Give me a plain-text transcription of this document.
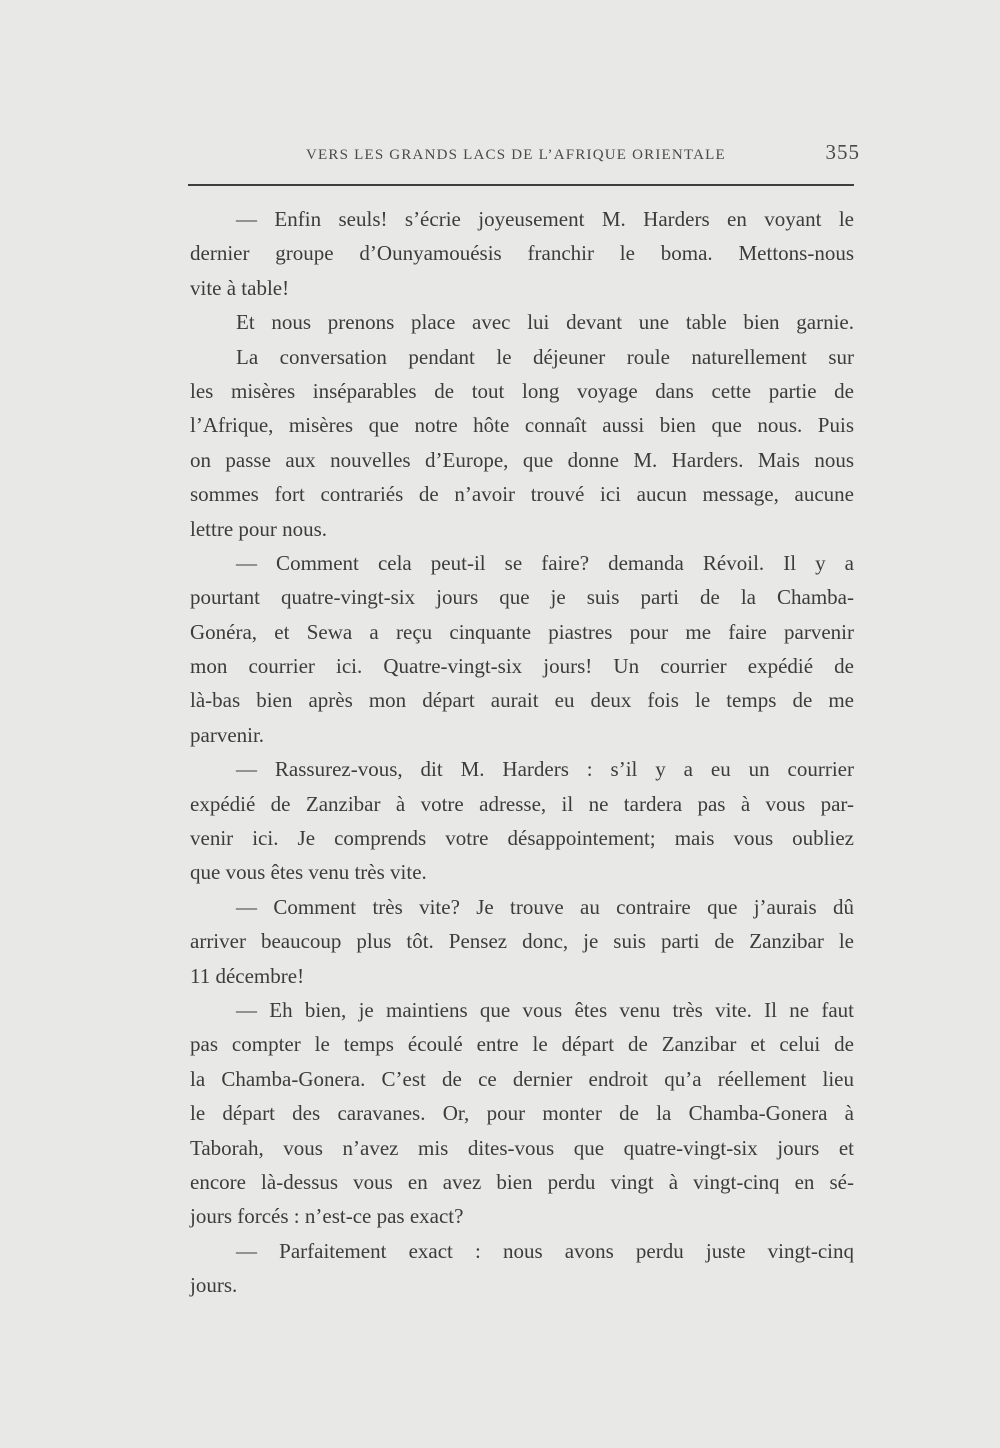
VERS LES GRANDS LACS DE L’AFRIQUE ORIENTALE	355
— Enfin seuls! s’écrie joyeusement M. Harders en voyant le
dernier groupe d’Ounyamouésis franchir le boma. Mettons-nous
vite à table!
Et nous prenons place avec lui devant une table bien garnie.
La conversation pendant le déjeuner roule naturellement sur
les misères inséparables de tout long voyage dans cette partie de
l’Afrique, misères que notre hôte connaît aussi bien que nous. Puis
on passe aux nouvelles d’Europe, que donne M. Harders. Mais nous
sommes fort contrariés de n’avoir trouvé ici aucun message, aucune
lettre pour nous.
— Comment cela peut-il se faire? demanda Révoil. Il y a
pourtant quatre-vingt-six jours que je suis parti de la Chamba-
Gonéra, et Sewa a reçu cinquante piastres pour me faire parvenir
mon courrier ici. Quatre-vingt-six jours! Un courrier expédié de
là-bas bien après mon départ aurait eu deux fois le temps de me
parvenir.
— Rassurez-vous, dit M. Harders : s’il y a eu un courrier
expédié de Zanzibar à votre adresse, il ne tardera pas à vous par-
venir ici. Je comprends votre désappointement; mais vous oubliez
que vous êtes venu très vite.
— Comment très vite? Je trouve au contraire que j’aurais dû
arriver beaucoup plus tôt. Pensez donc, je suis parti de Zanzibar le
11 décembre!
— Eh bien, je maintiens que vous êtes venu très vite. Il ne faut
pas compter le temps écoulé entre le départ de Zanzibar et celui de
la Chamba-Gonera. C’est de ce dernier endroit qu’a réellement lieu
le départ des caravanes. Or, pour monter de la Chamba-Gonera à
Taborah, vous n’avez mis dites-vous que quatre-vingt-six jours et
encore là-dessus vous en avez bien perdu vingt à vingt-cinq en sé-
jours forcés : n’est-ce pas exact?
— Parfaitement exact : nous avons perdu juste vingt-cinq
jours.
